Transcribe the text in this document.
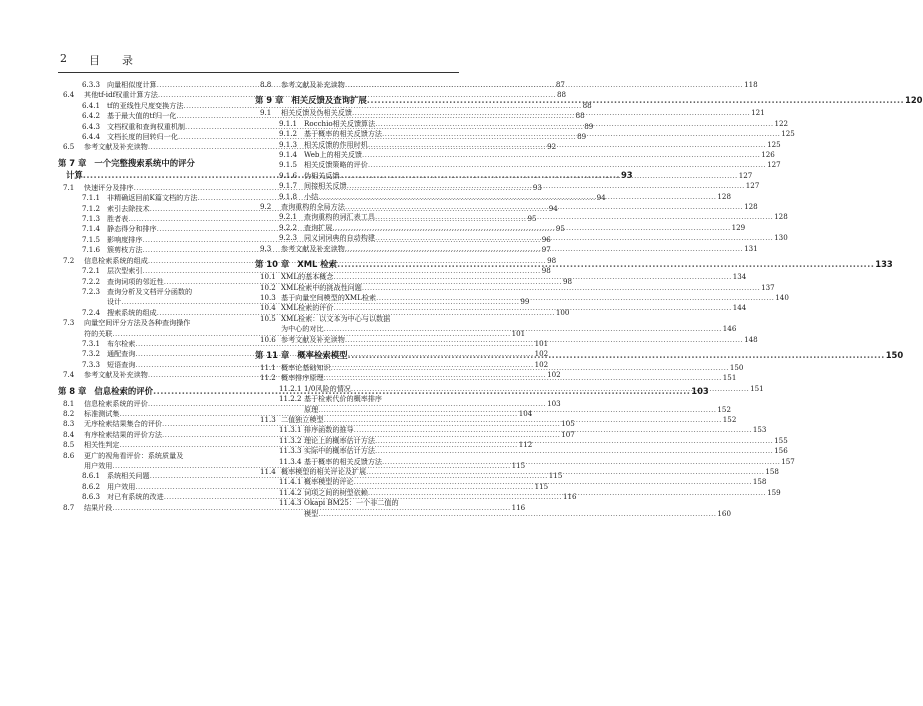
2 目 录
6.3.3 向量相似度计算 .....	87
6.4	其他tf-idf权重计算方法 .....	88
6.4.1 tf的亚线性尺度变换方法 .....	88
6.4.2 基于最大值的tf归一化 .....	88
6.4.3 文档权重和查询权重机制 .....	89
6.4.4 文档长度的回转归一化 .....	89
6.5	参考文献及补充读物 .....	92
第 7 章 一个完整搜索系统中的评分
计算 .....	93
7.1	快速评分及排序 .....	93
7.1.1 非精确返回前K篇文档的方法 .....	94
7.1.2 索引去除技术 .....	94
7.1.3 胜者表 .....	95
7.1.4 静态得分和排序 .....	95
7.1.5 影响度排序 .....	96
7.1.6 簇剪枝方法 .....	97
7.2	信息检索系统的组成 .....	98
7.2.1 层次型索引 .....	98
7.2.2 查询词项的邻近性 .....	98
7.2.3 查询分析及文档评分函数的
设计 .....	99
7.2.4 搜索系统的组成 .....	100
7.3	向量空间评分方法及各种查询操作
符的关联 .....	101
7.3.1 布尔检索 .....	101
7.3.2 通配查询 .....	102
7.3.3 短语查询 .....	102
7.4	参考文献及补充读物 .....	102
第 8 章 信息检索的评价 .....	103
8.1	信息检索系统的评价 .....	103
8.2	标准测试集 .....	104
8.3	无序检索结果集合的评价 .....	105
8.4	有序检索结果的评价方法 .....	107
8.5	相关性判定 .....	112
8.6	更广的视角看评价：系统质量及
用户效用 .....	115
8.6.1 系统相关问题 .....	115
8.6.2 用户效用 .....	115
8.6.3 对已有系统的改进 .....	116
8.7	结果片段 .....	116
8.8	参考文献及补充读物 .....	118
第 9 章 相关反馈及查询扩展 .....	120
9.1	相关反馈及伪相关反馈 .....	121
9.1.1 Rocchio相关反馈算法 .....	122
9.1.2 基于概率的相关反馈方法 .....	125
9.1.3 相关反馈的作用时机 .....	125
9.1.4 Web上的相关反馈 .....	126
9.1.5 相关反馈策略的评价 .....	127
9.1.6 伪相关反馈 .....	127
9.1.7 间接相关反馈 .....	127
9.1.8 小结 .....	128
9.2	查询重构的全局方法 .....	128
9.2.1 查询重构的词汇表工具 .....	128
9.2.2 查询扩展 .....	129
9.2.3 同义词词典的自动构建 .....	130
9.3	参考文献及补充读物 .....	131
第 10 章 XML 检索 .....	133
10.1 XML的基本概念 .....	134
10.2 XML检索中的挑战性问题 .....	137
10.3 基于向量空间模型的XML检索 .....	140
10.4 XML检索的评价 .....	144
10.5 XML检索：以文本为中心与以数据
为中心的对比 .....	146
10.6 参考文献及补充读物 .....	148
第 11 章 概率检索模型 .....	150
11.1 概率论基础知识 .....	150
11.2 概率排序原理 .....	151
11.2.1 1/0风险的情况 .....	151
11.2.2 基于检索代价的概率排序
原理 .....	152
11.3 二值独立模型 .....	152
11.3.1 排序函数的推导 .....	153
11.3.2 理论上的概率估计方法 .....	155
11.3.3 实际中的概率估计方法 .....	156
11.3.4 基于概率的相关反馈方法 .....	157
11.4 概率模型的相关评论及扩展 .....	158
11.4.1 概率模型的评论 .....	158
11.4.2 词项之间的树型依赖 .....	159
11.4.3 Okapi BM25：一个非二值的
模型 .....	160
